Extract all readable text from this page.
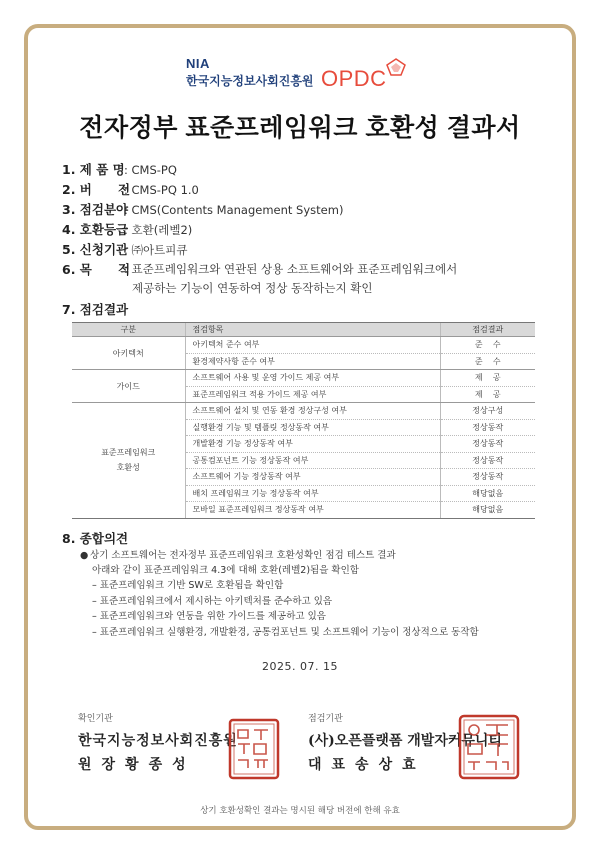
NIA
한국지능정보사회진흥원 OPDC
전자정부 표준프레임워크 호환성 결과서
1. 제 품 명 : CMS-PQ
2. 버      전
: CMS-PQ 1.0
3. 점검분야
: CMS(Contents Management System)
4. 호환등급
: 호환(레벨2)
5. 신청기관
: ㈜아트피큐
6. 목      적
: 표준프레임워크와 연관된 상용 소프트웨어와 표준프레임워크에서
제공하는 기능이 연동하여 정상 동작하는지 확인
7. 점검결과
구분	점검항목	점검결과
아키텍처	아키텍처 준수 여부	준    수
	환경제약사항 준수 여부	준    수
가이드	소프트웨어 사용 및 운영 가이드 제공 여부	제    공
	표준프레임워크 적용 가이드 제공 여부	제    공

표준프레임워크
호환성	소프트웨어 설치 및 연동 환경 정상구성 여부	정상구성
	실행환경 기능 및 템플릿 정상동작 여부	정상동작
	개발환경 기능 정상동작 여부	정상동작
	공통컴포넌트 기능 정상동작 여부	정상동작
	소프트웨어 기능 정상동작 여부	정상동작
	배치 프레임워크 기능 정상동작 여부	해당없음
	모바일 표준프레임워크 정상동작 여부	해당없음
8. 종합의견
● 상기 소프트웨어는 전자정부 표준프레임워크 호환성확인 점검 테스트 결과
아래와 같이 표준프레임워크 4.3에 대해 호환(레벨2)됨을 확인함
– 표준프레임워크 기반 SW로 호환됨을 확인함
– 표준프레임워크에서 제시하는 아키텍처를 준수하고 있음
– 표준프레임워크와 연동을 위한 가이드를 제공하고 있음
– 표준프레임워크 실행환경, 개발환경, 공통컴포넌트 및 소프트웨어 기능이 정상적으로 동작함
2025. 07. 15
확인기관
한국지능정보사회진흥원
원장황종성
점검기관
(사)오픈플랫폼 개발자커뮤니티
대표송상효
상기 호환성확인 결과는 명시된 해당 버전에 한해 유효
